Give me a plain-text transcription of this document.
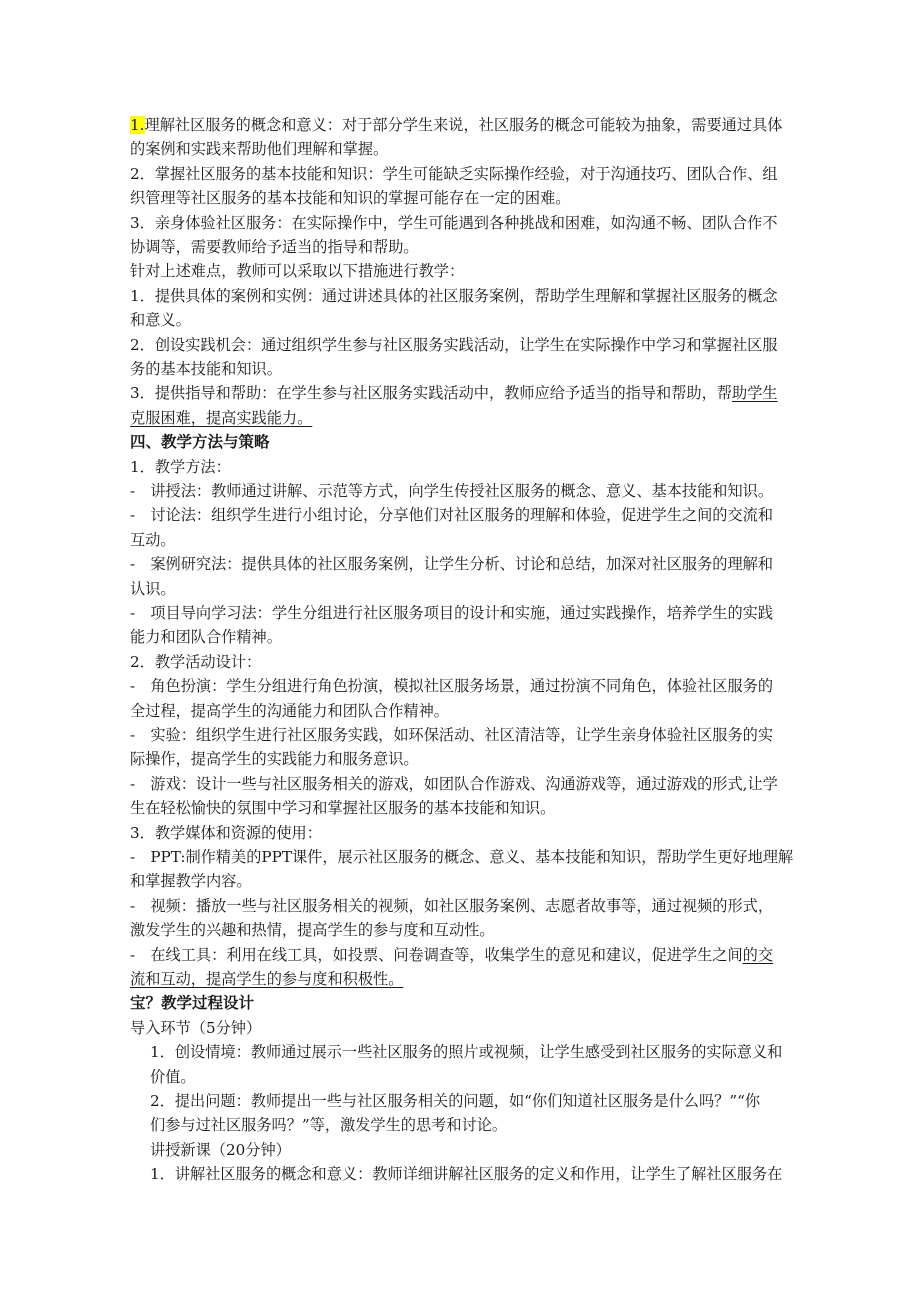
1.理解社区服务的概念和意义：对于部分学生来说，社区服务的概念可能较为抽象，需要通过具体
的案例和实践来帮助他们理解和掌握。
2．掌握社区服务的基本技能和知识：学生可能缺乏实际操作经验，对于沟通技巧、团队合作、组
织管理等社区服务的基本技能和知识的掌握可能存在一定的困难。
3．亲身体验社区服务：在实际操作中，学生可能遇到各种挑战和困难，如沟通不畅、团队合作不
协调等，需要教师给予适当的指导和帮助。
针对上述难点，教师可以采取以下措施进行教学：
1．提供具体的案例和实例：通过讲述具体的社区服务案例，帮助学生理解和掌握社区服务的概念
和意义。
2．创设实践机会：通过组织学生参与社区服务实践活动，让学生在实际操作中学习和掌握社区服
务的基本技能和知识。
3．提供指导和帮助：在学生参与社区服务实践活动中，教师应给予适当的指导和帮助，帮助学生
克服困难，提高实践能力。
四、教学方法与策略
1．教学方法：
-　讲授法：教师通过讲解、示范等方式，向学生传授社区服务的概念、意义、基本技能和知识。
-　讨论法：组织学生进行小组讨论，分享他们对社区服务的理解和体验，促进学生之间的交流和
互动。
-　案例研究法：提供具体的社区服务案例，让学生分析、讨论和总结，加深对社区服务的理解和
认识。
-　项目导向学习法：学生分组进行社区服务项目的设计和实施，通过实践操作，培养学生的实践
能力和团队合作精神。
2．教学活动设计：
-　角色扮演：学生分组进行角色扮演，模拟社区服务场景，通过扮演不同角色，体验社区服务的
全过程，提高学生的沟通能力和团队合作精神。
-　实验：组织学生进行社区服务实践，如环保活动、社区清洁等，让学生亲身体验社区服务的实
际操作，提高学生的实践能力和服务意识。
-　游戏：设计一些与社区服务相关的游戏，如团队合作游戏、沟通游戏等，通过游戏的形式,让学
生在轻松愉快的氛围中学习和掌握社区服务的基本技能和知识。
3．教学媒体和资源的使用：
-　PPT:制作精美的PPT课件，展示社区服务的概念、意义、基本技能和知识，帮助学生更好地理解
和掌握教学内容。
-　视频：播放一些与社区服务相关的视频，如社区服务案例、志愿者故事等，通过视频的形式，
激发学生的兴趣和热情，提高学生的参与度和互动性。
-　在线工具：利用在线工具，如投票、问卷调查等，收集学生的意见和建议，促进学生之间的交
流和互动，提高学生的参与度和积极性。
宝？教学过程设计
导入环节（5分钟）
1．创设情境：教师通过展示一些社区服务的照片或视频，让学生感受到社区服务的实际意义和
价值。
2．提出问题：教师提出一些与社区服务相关的问题，如“你们知道社区服务是什么吗？”“你
们参与过社区服务吗？”等，激发学生的思考和讨论。
讲授新课（20分钟）
1．讲解社区服务的概念和意义：教师详细讲解社区服务的定义和作用，让学生了解社区服务在
